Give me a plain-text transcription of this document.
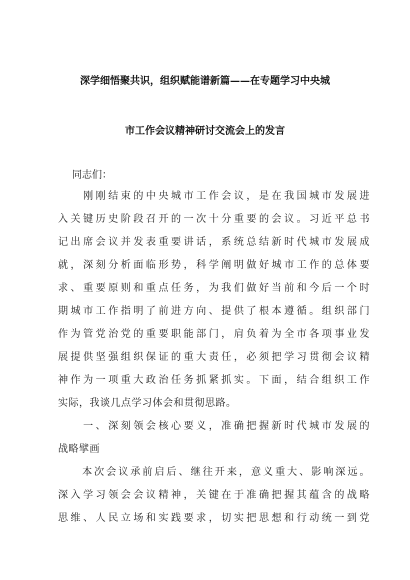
深学细悟聚共识，组织赋能谱新篇——在专题学习中央城
市工作会议精神研讨交流会上的发言
同志们：
　　刚刚结束的中央城市工作会议，是在我国城市发展进
入关键历史阶段召开的一次十分重要的会议。习近平总书
记出席会议并发表重要讲话，系统总结新时代城市发展成
就，深刻分析面临形势，科学阐明做好城市工作的总体要
求、重要原则和重点任务，为我们做好当前和今后一个时
期城市工作指明了前进方向、提供了根本遵循。组织部门
作为管党治党的重要职能部门，肩负着为全市各项事业发
展提供坚强组织保证的重大责任，必须把学习贯彻会议精
神作为一项重大政治任务抓紧抓实。下面，结合组织工作
实际，我谈几点学习体会和贯彻思路。
　　一、深刻领会核心要义，准确把握新时代城市发展的
战略擘画
　　本次会议承前启后、继往开来，意义重大、影响深远。
深入学习领会会议精神，关键在于准确把握其蕴含的战略
思维、人民立场和实践要求，切实把思想和行动统一到党
